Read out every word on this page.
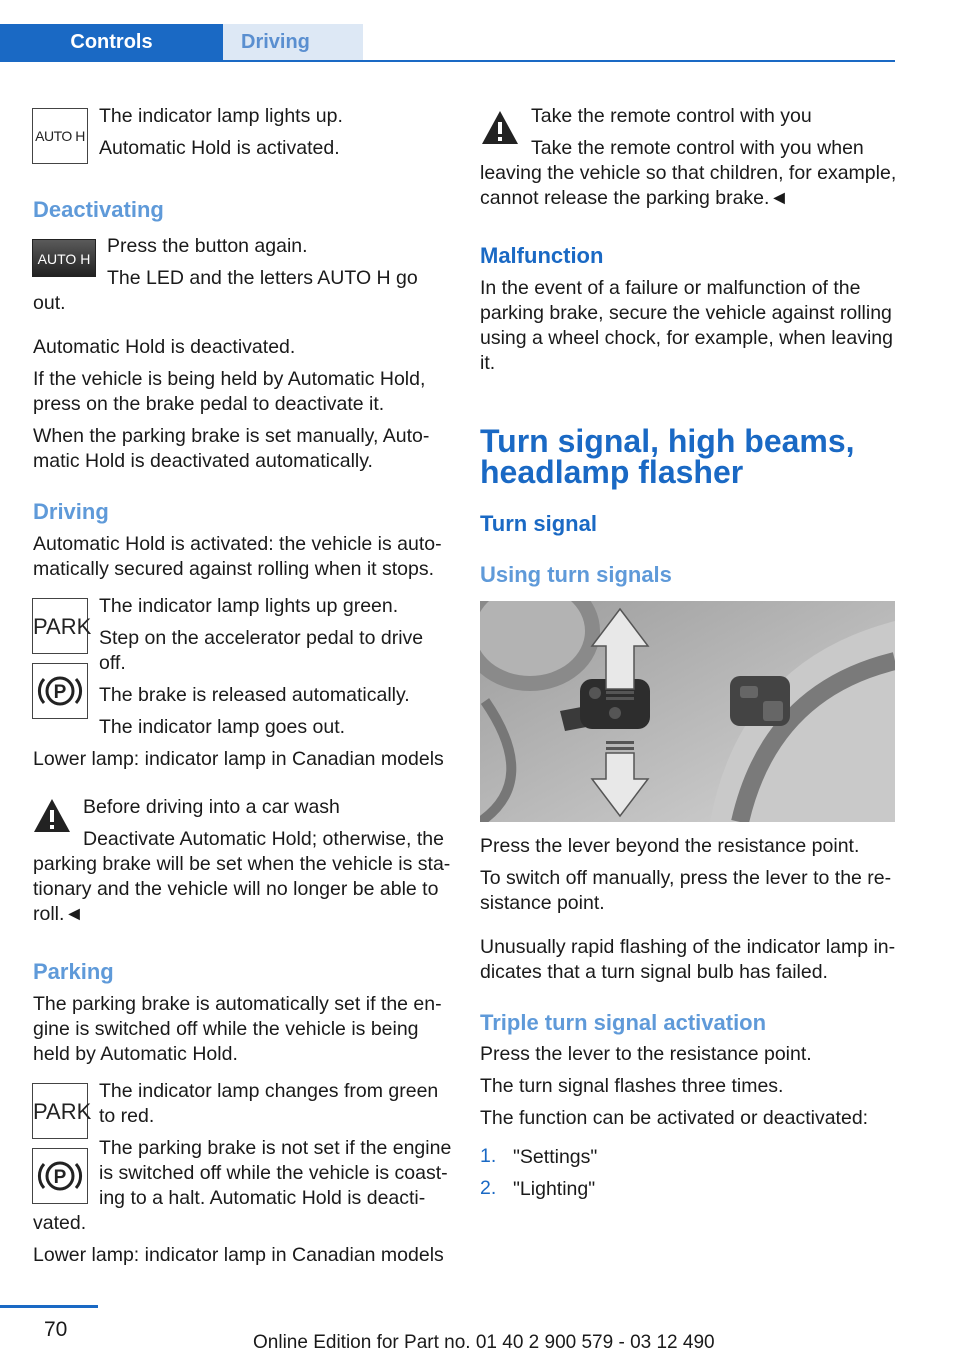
Controls	Driving
AUTO H
The indicator lamp lights up.
Automatic Hold is activated.
Deactivating
AUTO H
Press the button again.
The LED and the letters AUTO H go
out.
Automatic Hold is deactivated.
If the vehicle is being held by Automatic Hold,
press on the brake pedal to deactivate it.
When the parking brake is set manually, Auto‐
matic Hold is deactivated automatically.
Driving
Automatic Hold is activated: the vehicle is auto‐
matically secured against rolling when it stops.
PARK
P
The indicator lamp lights up green.
Step on the accelerator pedal to drive
off.
The brake is released automatically.
The indicator lamp goes out.
Lower lamp: indicator lamp in Canadian models
Before driving into a car wash
Deactivate Automatic Hold; otherwise, the
parking brake will be set when the vehicle is sta‐
tionary and the vehicle will no longer be able to
roll.◄
Parking
The parking brake is automatically set if the en‐
gine is switched off while the vehicle is being
held by Automatic Hold.
PARK
P
The indicator lamp changes from green
to red.
The parking brake is not set if the engine
is switched off while the vehicle is coast‐
ing to a halt. Automatic Hold is deacti‐
vated.
Lower lamp: indicator lamp in Canadian models
Take the remote control with you
Take the remote control with you when
leaving the vehicle so that children, for example,
cannot release the parking brake.◄
Malfunction
In the event of a failure or malfunction of the
parking brake, secure the vehicle against rolling
using a wheel chock, for example, when leaving
it.
Turn signal, high beams,
headlamp flasher
Turn signal
Using turn signals
Press the lever beyond the resistance point.
To switch off manually, press the lever to the re‐
sistance point.
Unusually rapid flashing of the indicator lamp in‐
dicates that a turn signal bulb has failed.
Triple turn signal activation
Press the lever to the resistance point.
The turn signal flashes three times.
The function can be activated or deactivated:
1. "Settings"
2. "Lighting"
70
Online Edition for Part no. 01 40 2 900 579 - 03 12 490
